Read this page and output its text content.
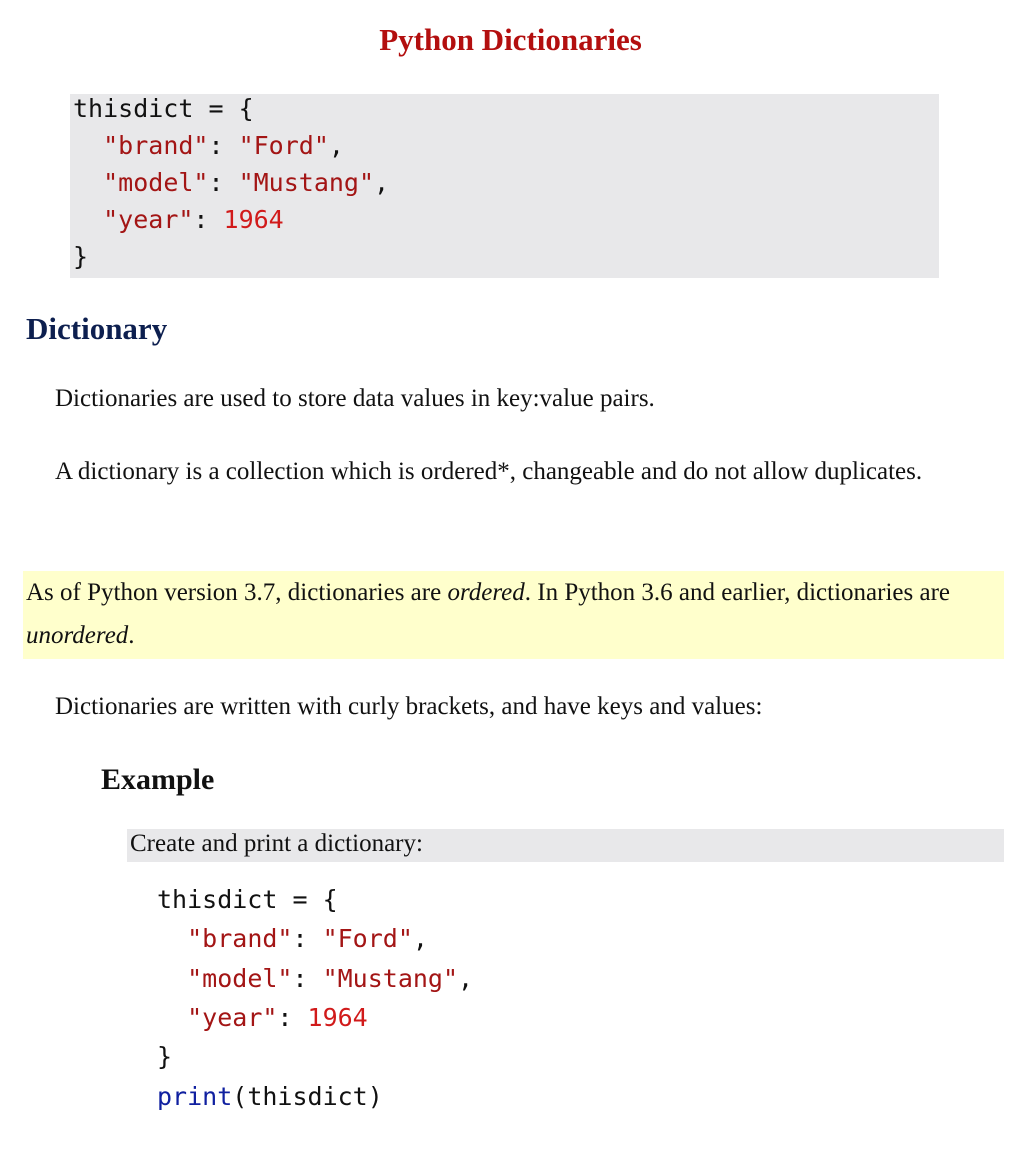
Python Dictionaries
thisdict = {
"brand": "Ford",
"model": "Mustang",
"year": 1964
}
Dictionary
Dictionaries are used to store data values in key:value pairs.
A dictionary is a collection which is ordered*, changeable and do not allow duplicates.
As of Python version 3.7, dictionaries are ordered. In Python 3.6 and earlier, dictionaries are unordered.
Dictionaries are written with curly brackets, and have keys and values:
Example
Create and print a dictionary:
thisdict = {
"brand": "Ford",
"model": "Mustang",
"year": 1964
}
print(thisdict)
